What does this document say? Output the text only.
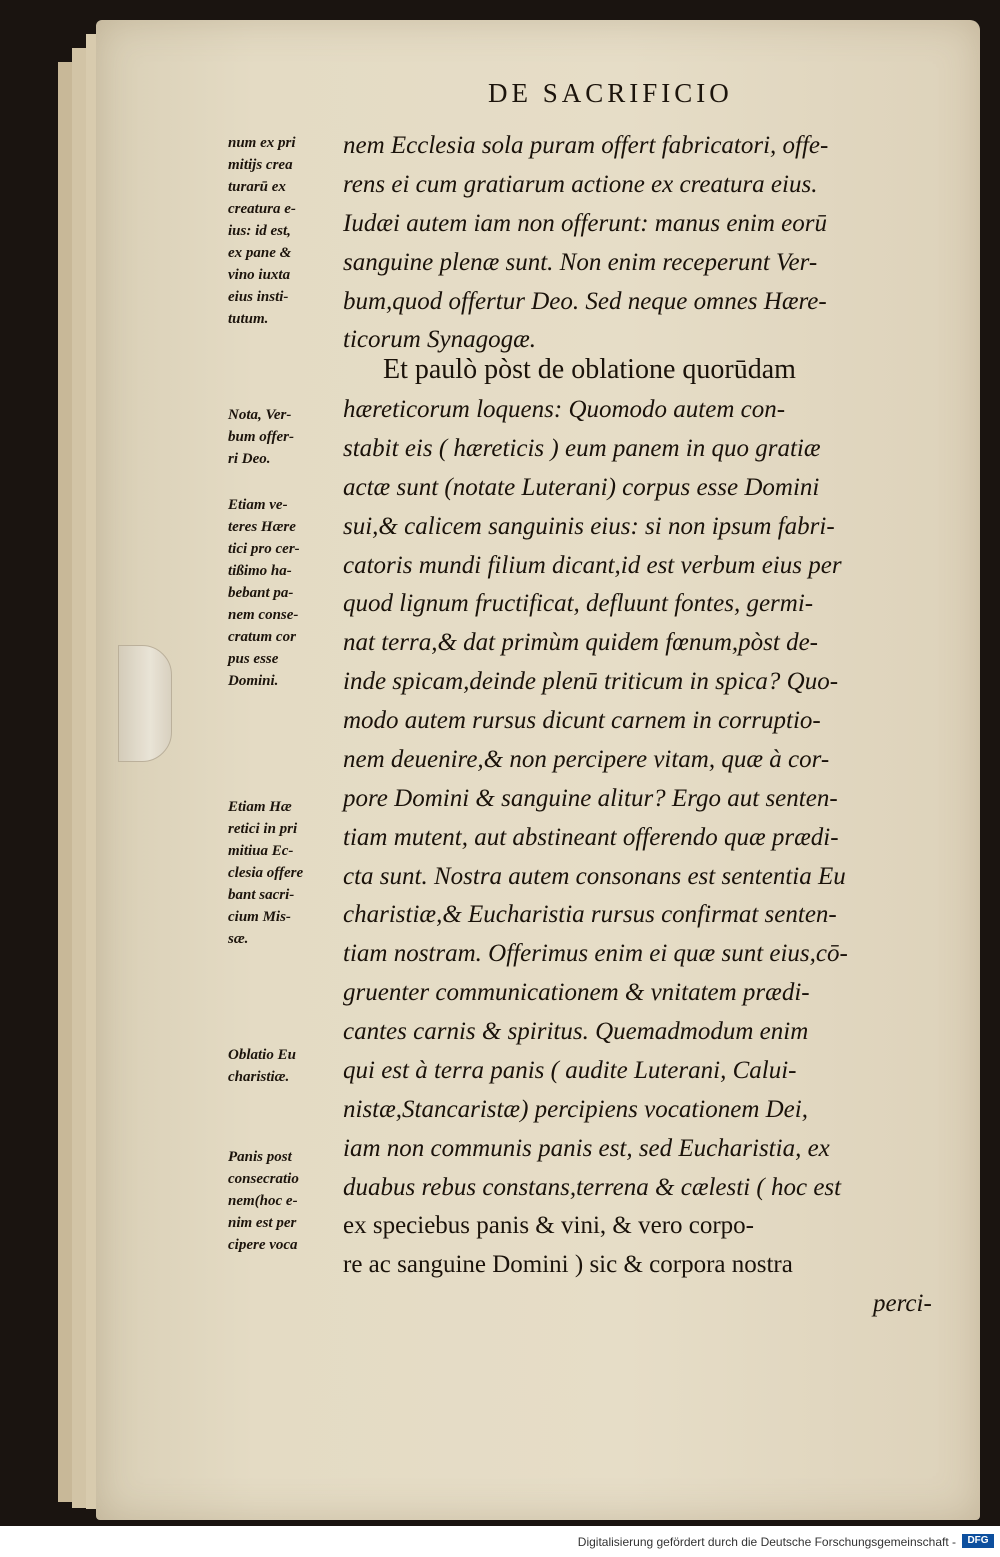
DE SACRIFICIO
num ex pri
mitijs crea
turarū ex
creatura e-
ius: id est,
ex pane &
vino iuxta
eius insti-
tutum.
Nota, Ver-
bum offer-
ri Deo.
Etiam ve-
teres Hære
tici pro cer-
tißimo ha-
bebant pa-
nem conse-
cratum cor
pus esse
Domini.
Etiam Hæ
retici in pri
mitiua Ec-
clesia offere
bant sacri-
cium Mis-
sæ.
Oblatio Eu
charistiæ.
Panis post
consecratio
nem(hoc e-
nim est per
cipere voca
nem Ecclesia sola puram offert fabricatori, offe-
rens ei cum gratiarum actione ex creatura eius.
Iudæi autem iam non offerunt: manus enim eorū
sanguine plenæ sunt. Non enim receperunt Ver-
bum,quod offertur Deo. Sed neque omnes Hære-
ticorum Synagogæ.
Et paulò pòst de oblatione quorūdam
hæreticorum loquens: Quomodo autem con-
stabit eis ( hæreticis ) eum panem in quo gratiæ
actæ sunt (notate Luterani) corpus esse Domini
sui,& calicem sanguinis eius: si non ipsum fabri-
catoris mundi filium dicant,id est verbum eius per
quod lignum fructificat, defluunt fontes, germi-
nat terra,& dat primùm quidem fœnum,pòst de-
inde spicam,deinde plenū triticum in spica? Quo-
modo autem rursus dicunt carnem in corruptio-
nem deuenire,& non percipere vitam, quæ à cor-
pore Domini & sanguine alitur? Ergo aut senten-
tiam mutent, aut abstineant offerendo quæ prædi-
cta sunt. Nostra autem consonans est sententia Eu
charistiæ,& Eucharistia rursus confirmat senten-
tiam nostram. Offerimus enim ei quæ sunt eius,cō-
gruenter communicationem & vnitatem prædi-
cantes carnis & spiritus. Quemadmodum enim
qui est à terra panis ( audite Luterani, Calui-
nistæ,Stancaristæ) percipiens vocationem Dei,
iam non communis panis est, sed Eucharistia, ex
duabus rebus constans,terrena & cælesti ( hoc est
ex speciebus panis & vini, & vero corpo-
re ac sanguine Domini ) sic & corpora nostra
perci-
Digitalisierung gefördert durch die Deutsche Forschungsgemeinschaft -	DFG
